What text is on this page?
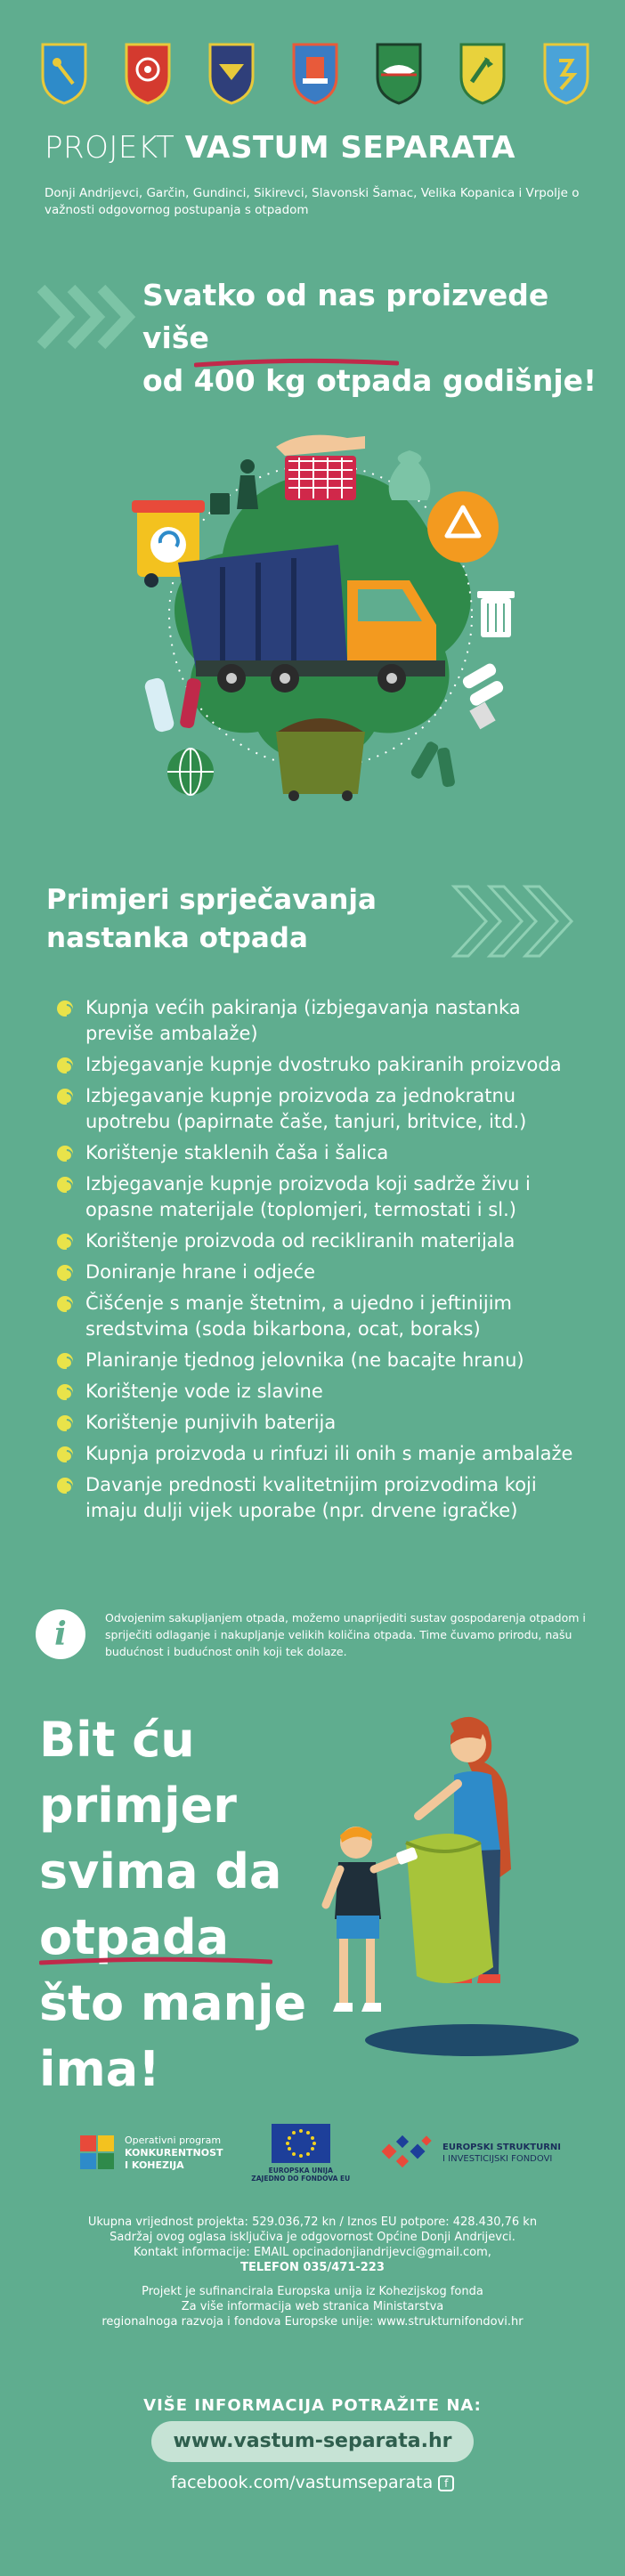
PROJEKT VASTUM SEPARATA
Donji Andrijevci, Garčin, Gundinci, Sikirevci, Slavonski Šamac, Velika Kopanica i Vrpolje o važnosti odgovornog postupanja s otpadom
Svatko od nas proizvede više
od 400 kg otpada godišnje!
Primjeri sprječavanja
nastanka otpada
Kupnja većih pakiranja (izbjegavanja nastanka previše ambalaže)
Izbjegavanje kupnje dvostruko pakiranih proizvoda
Izbjegavanje kupnje proizvoda za jednokratnu upotrebu (papirnate čaše, tanjuri, britvice, itd.)
Korištenje staklenih čaša i šalica
Izbjegavanje kupnje proizvoda koji sadrže živu i opasne materijale (toplomjeri, termostati i sl.)
Korištenje proizvoda od recikliranih materijala
Doniranje hrane i odjeće
Čišćenje s manje štetnim, a ujedno i jeftinijim sredstvima (soda bikarbona, ocat, boraks)
Planiranje tjednog jelovnika (ne bacajte hranu)
Korištenje vode iz slavine
Korištenje punjivih baterija
Kupnja proizvoda u rinfuzi ili onih s manje ambalaže
Davanje prednosti kvalitetnijim proizvodima koji imaju dulji vijek uporabe (npr. drvene igračke)
i	Odvojenim sakupljanjem otpada, možemo unaprijediti sustav gospodarenja otpadom i spriječiti odlaganje i nakupljanje velikih količina otpada. Time čuvamo prirodu, našu budućnost i budućnost onih koji tek dolaze.
Bit ću primjer
svima da
otpada
što manje
ima!
Operativni program
KONKURENTNOST
I KOHEZIJA	EUROPSKA UNIJA
ZAJEDNO DO FONDOVA EU
EUROPSKI STRUKTURNI
I INVESTICIJSKI FONDOVI

Ukupna vrijednost projekta: 529.036,72 kn / Iznos EU potpore: 428.430,76 kn

Sadržaj ovog oglasa isključiva je odgovornost Općine Donji Andrijevci.

Kontakt informacije: EMAIL opcinadonjiandrijevci@gmail.com,

TELEFON 035/471-223

Projekt je sufinancirala Europska unija iz Kohezijskog fonda

Za više informacija web stranica Ministarstva

regionalnoga razvoja i fondova Europske unije: www.strukturnifondovi.hr

VIŠE INFORMACIJA POTRAŽITE NA:
www.vastum-separata.hr
facebook.com/vastumseparata f
